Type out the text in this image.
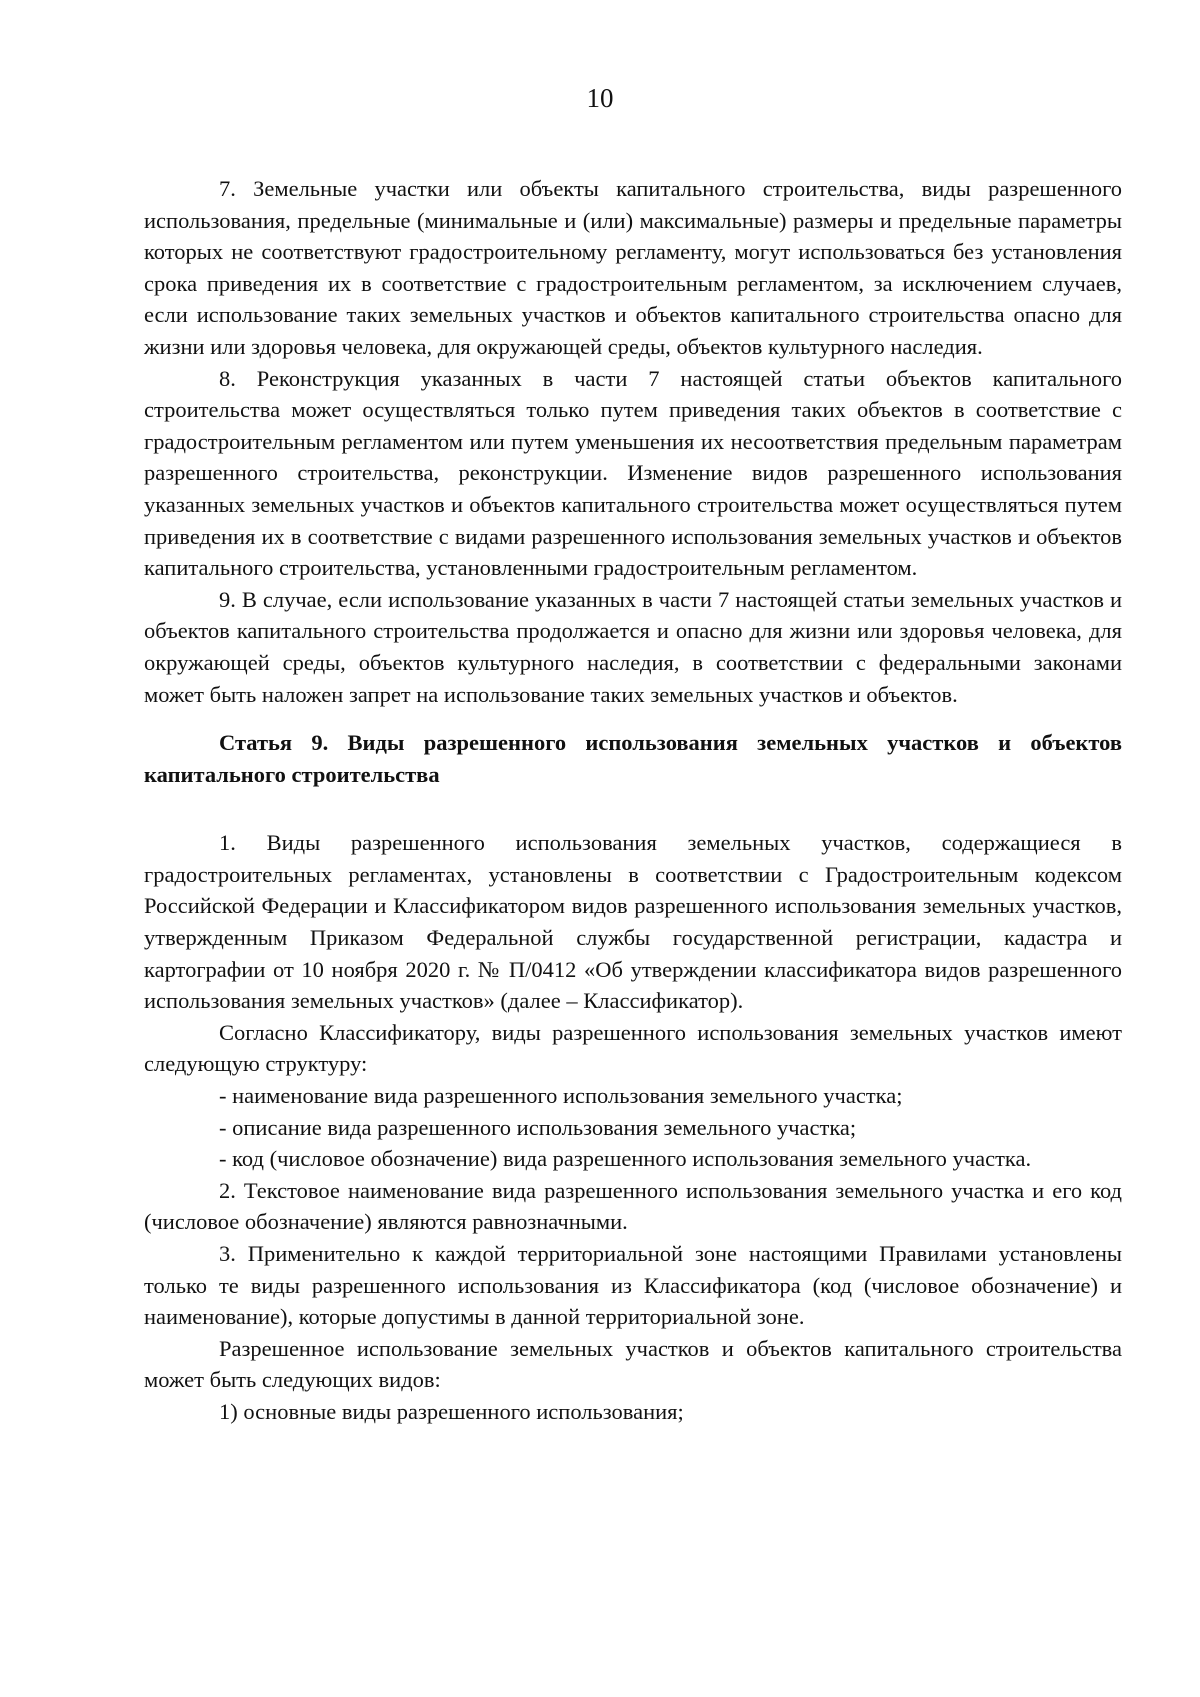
10

7. Земельные участки или объекты капитального строительства, виды разрешенного использования, предельные (минимальные и (или) максимальные) размеры и предельные параметры которых не соответствуют градостроительному регламенту, могут использоваться без установления срока приведения их в соответствие с градостроительным регламентом, за исключением случаев, если использование таких земельных участков и объектов капитального строительства опасно для жизни или здоровья человека, для окружающей среды, объектов культурного наследия.

8. Реконструкция указанных в части 7 настоящей статьи объектов капитального строительства может осуществляться только путем приведения таких объектов в соответствие с градостроительным регламентом или путем уменьшения их несоответствия предельным параметрам разрешенного строительства, реконструкции. Изменение видов разрешенного использования указанных земельных участков и объектов капитального строительства может осуществляться путем приведения их в соответствие с видами разрешенного использования земельных участков и объектов капитального строительства, установленными градостроительным регламентом.

9. В случае, если использование указанных в части 7 настоящей статьи земельных участков и объектов капитального строительства продолжается и опасно для жизни или здоровья человека, для окружающей среды, объектов культурного наследия, в соответствии с федеральными законами может быть наложен запрет на использование таких земельных участков и объектов.

Статья 9. Виды разрешенного использования земельных участков и объектов капитального строительства

1. Виды разрешенного использования земельных участков, содержащиеся в градостроительных регламентах, установлены в соответствии с Градостроительным кодексом Российской Федерации и Классификатором видов разрешенного использования земельных участков, утвержденным Приказом Федеральной службы государственной регистрации, кадастра и картографии от 10 ноября 2020 г. № П/0412 «Об утверждении классификатора видов разрешенного использования земельных участков» (далее – Классификатор).

Согласно Классификатору, виды разрешенного использования земельных участков имеют следующую структуру:

- наименование вида разрешенного использования земельного участка;

- описание вида разрешенного использования земельного участка;

- код (числовое обозначение) вида разрешенного использования земельного участка.

2. Текстовое наименование вида разрешенного использования земельного участка и его код (числовое обозначение) являются равнозначными.

3. Применительно к каждой территориальной зоне настоящими Правилами установлены только те виды разрешенного использования из Классификатора (код (числовое обозначение) и наименование), которые допустимы в данной территориальной зоне.

Разрешенное использование земельных участков и объектов капитального строительства может быть следующих видов:

1) основные виды разрешенного использования;
